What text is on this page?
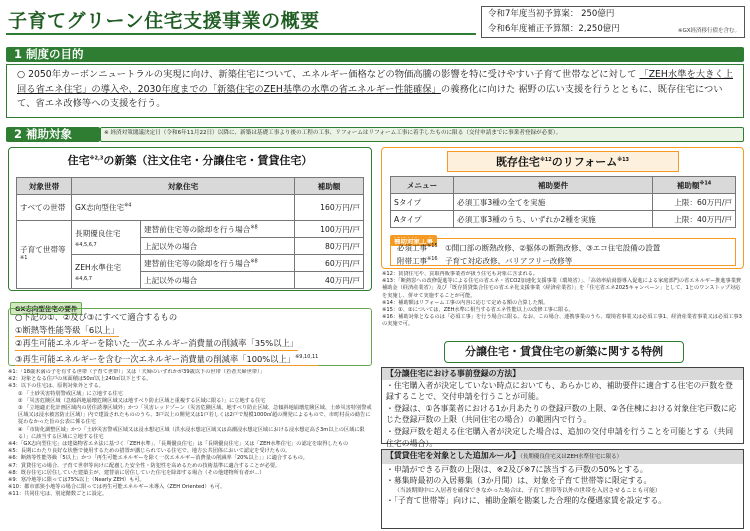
子育てグリーン住宅支援事業の概要	令和7年度当初予算案： 250億円
令和6年度補正予算額：2,250億円	※GX経済移行債を含む。
1 制度の目的
○ 2050年カーボンニュートラルの実現に向け、新築住宅について、エネルギー価格などの物価高騰の影響を特に受けやすい子育て世帯などに対して 「ZEH水準を大きく上回る省エネ住宅」の導入や、2030年度までの「新築住宅のZEH基準の水準の省エネルギー性能確保」の義務化に向けた 裾野の広い支援を行うとともに、既存住宅について、省エネ改修等への支援を行う。
2 補助対象	※ 経済対策閣議決定日（令和6年11月22日）以降に、新築は基礎工事より後の工程の工事、リフォームはリフォーム工事に着手したものに限る（交付申請までに事業者登録が必要）。
住宅$^{※2,3}$の新築（注文住宅・分譲住宅・賃貸住宅）
対象世帯	対象住宅		補助額
すべての世帯	GX志向型住宅$^{※4}$		160万円/戸
子育て世帯等$^{※1}$	長期優良住宅
※4,5,6,7	建替前住宅等の除却を行う場合$^{※8}$	100万円/戸
		上記以外の場合	80万円/戸
	ZEH水準住宅
※4,6,7	建替前住宅等の除却を行う場合$^{※8}$	60万円/戸
		上記以外の場合	40万円/戸
GX志向型住宅の要件
○下記の①、②及び③にすべて適合するもの
①断熱等性能等級「6以上」
②再生可能エネルギーを除いた一次エネルギー消費量の削減率「35%以上」
③再生可能エネルギーを含む一次エネルギー消費量の削減率「100%以上」$^{※9,10,11}$
※1：「18歳未満の子を有する世帯（子育て世帯）」又は「夫婦のいずれかが39歳以下の世帯（若者夫婦世帯）」
※2：対象となる住戸の床面積は50㎡以上240㎡以下とする。
※3：以下の住宅は、原則対象外とする。
① 「土砂災害特別警戒区域」に立地する住宅
② 「災害危険区域（急傾斜地崩壊危険区域又は地すべり防止区域と重複する区域に限る）」に立地する住宅
③ 「立地適正化計画区域内の居住誘導区域外」かつ「災害レッドゾーン（災害危険区域、地すべり防止区域、急傾斜地崩壊危険区域、土砂災害特別警戒区域又は浸水被害防止区域）」内で建設されたもののうち、3戸以上の開発又は1戸若しくは2戸で規模1000㎡超の開発によるもので、市町村長の勧告に従わなかった旨の公表に係る住宅
④ 「市街化調整区域」かつ「土砂災害警戒区域又は浸水想定区域（洪水浸水想定区域又は高潮浸水想定区域における浸水想定高さ3m以上の区域に限る）」に該当する区域に立地する住宅
※4：「GX志向型住宅」は建築物省エネ法に基づく「ZEH水準」、「長期優良住宅」は「長期優良住宅」又は「ZEH水準住宅」の認定を取得したもの
※5：長期にわたり良好な状態で使用するための措置が講じられている住宅で、地方公共団体において認定を受けたもの。
※6：断熱等性能等級「5以上」かつ「再生可能エネルギーを除く一次エネルギー消費量の削減率「20%以上」」に適合するもの。
※7：賃貸住宅の場合、子育て世帯等向けに配慮した安全性・防犯性を高めるための技術基準に適合することが必要。
※8：既存住宅に居住していた建築主が、建替前に居住していた住宅を除却する場合（その他建物所有者が...）
※9：寒冷地等に限っては75%以上（Nearly ZEH）も可。
※10：都市部狭小地等の場合に限っては再生可能エネルギー未導入（ZEH Oriented）も可。
※11：共同住宅は、別途階数ごとに設定。
既存住宅$^{※12}$のリフォーム$^{※13}$
メニュー	補助要件	補助額$^{※14}$
Sタイプ	必須工事3種の全てを実施	上限：60万円/戸
Aタイプ	必須工事3種のうち、いずれか2種を実施	上限：40万円/戸
補助対象工事
必須工事$^{※15}$　 ①開口部の断熱改修、②躯体の断熱改修、③エコ住宅設備の設置
附帯工事$^{※16}$　 子育て対応改修、バリアフリー改修等
※12：賃貸住宅や、買取再販事業者が扱う住宅も対象に含まれる。
※13：「断熱窓への改修促進等による住宅の省エネ・省CO2加速化支援事業（環境省）」、「高効率給湯器導入促進による家庭部門の省エネルギー推進事業費補助金（経済産業省）」及び「既存賃貸集合住宅の省エネ化支援事業（経済産業省）」を「住宅省エネ2025キャンペーン」として、1とのワンストップ対応を実施し、併せて実施することが可能。
※14：補助額はリフォーム工事の内容に応じて定める額の合算した額。
※15：①、②については、ZEH水準に相当する省エネ性能以上の改修工事に限る。
※16：補助対象となるのは「必須工事」を行う場合に限る。なお、この場合、連携事業のうち、環境省事業又は必須工事1、経済産業省事業又は必須工事3の実施で可。
分譲住宅・賃貸住宅の新築に関する特例
【分譲住宅における事前登録の方法】
・住宅購入者が決定していない時点においても、あらかじめ、補助要件に適合する住宅の戸数を登録することで、交付申請を行うことが可能。
・登録は、①各事業者における1か月あたりの登録戸数の上限、②各住棟における対象住宅戸数に応じた登録戸数の上限（共同住宅の場合）の範囲内で行う。
・登録戸数を超える住宅購入者が決定した場合は、追加の交付申請を行うことを可能とする（共同住宅の場合）。
【賃貸住宅を対象とした追加ルール】（長期優良住宅又はZEH水準住宅に限る）
・申請ができる戸数の上限は、※2及び※7に該当する戸数の50%とする。
・募集時最初の入居募集（3か月間）は、対象を子育て世帯等に限定する。
（当該期間中に入居者を確保できなかった場合は、子育て世帯等以外の世帯を入居させることも可能）
・「子育て世帯等」向けに、補助金額を勘案した合理的な優遇家賃を設定する。
